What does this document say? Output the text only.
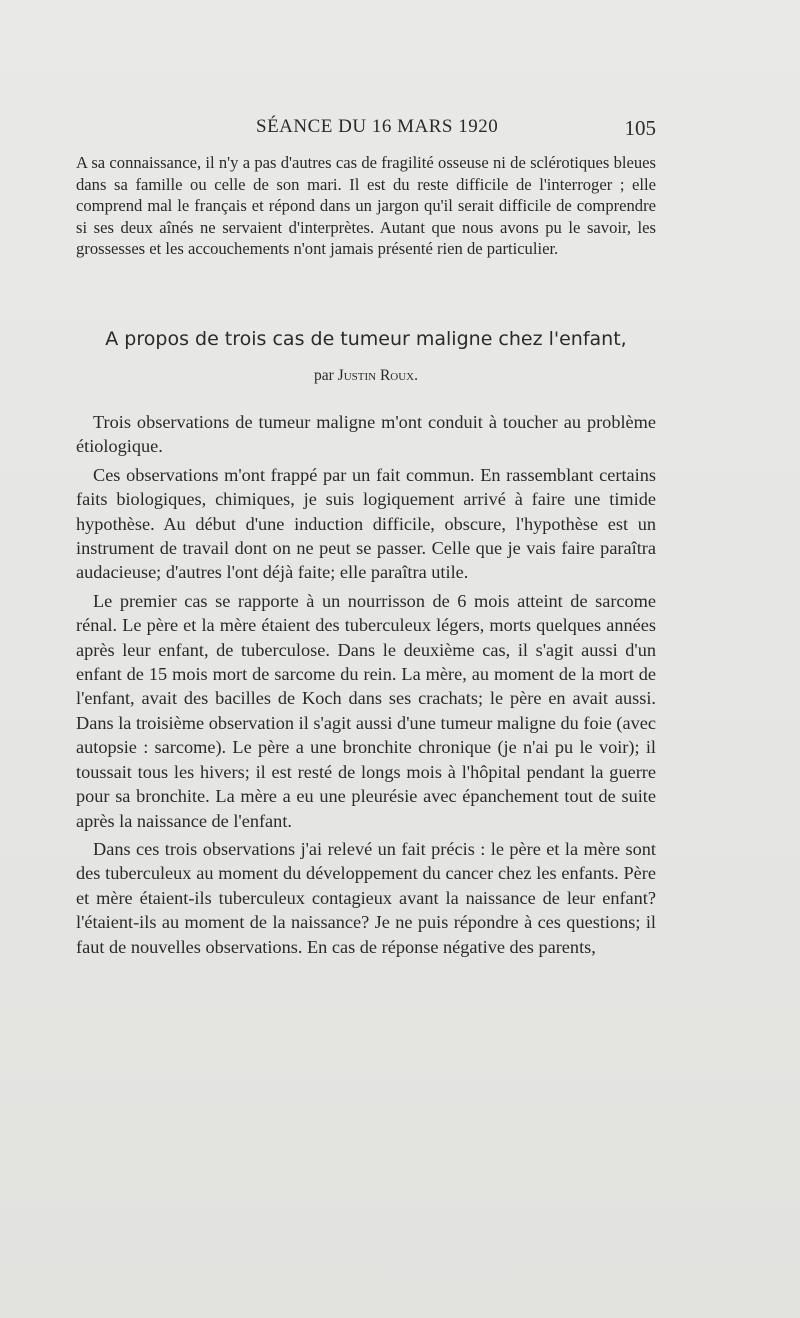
SÉANCE DU 16 MARS 1920	105

A sa connaissance, il n'y a pas d'autres cas de fragilité osseuse ni de sclérotiques bleues dans sa famille ou celle de son mari. Il est du reste difficile de l'interroger ; elle comprend mal le français et répond dans un jargon qu'il serait difficile de comprendre si ses deux aînés ne servaient d'interprètes. Autant que nous avons pu le savoir, les grossesses et les accouchements n'ont jamais présenté rien de particulier.

A propos de trois cas de tumeur maligne chez l'enfant,

par Justin Roux.

Trois observations de tumeur maligne m'ont conduit à toucher au problème étiologique.

Ces observations m'ont frappé par un fait commun. En rassemblant certains faits biologiques, chimiques, je suis logiquement arrivé à faire une timide hypothèse. Au début d'une induction difficile, obscure, l'hypothèse est un instrument de travail dont on ne peut se passer. Celle que je vais faire paraîtra audacieuse; d'autres l'ont déjà faite; elle paraîtra utile.

Le premier cas se rapporte à un nourrisson de 6 mois atteint de sarcome rénal. Le père et la mère étaient des tuberculeux légers, morts quelques années après leur enfant, de tuberculose. Dans le deuxième cas, il s'agit aussi d'un enfant de 15 mois mort de sarcome du rein. La mère, au moment de la mort de l'enfant, avait des bacilles de Koch dans ses crachats; le père en avait aussi. Dans la troisième observation il s'agit aussi d'une tumeur maligne du foie (avec autopsie : sarcome). Le père a une bronchite chronique (je n'ai pu le voir); il toussait tous les hivers; il est resté de longs mois à l'hôpital pendant la guerre pour sa bronchite. La mère a eu une pleurésie avec épanchement tout de suite après la naissance de l'enfant.

Dans ces trois observations j'ai relevé un fait précis : le père et la mère sont des tuberculeux au moment du développement du cancer chez les enfants. Père et mère étaient-ils tuberculeux contagieux avant la naissance de leur enfant? l'étaient-ils au moment de la naissance? Je ne puis répondre à ces questions; il faut de nouvelles observations. En cas de réponse négative des parents,
